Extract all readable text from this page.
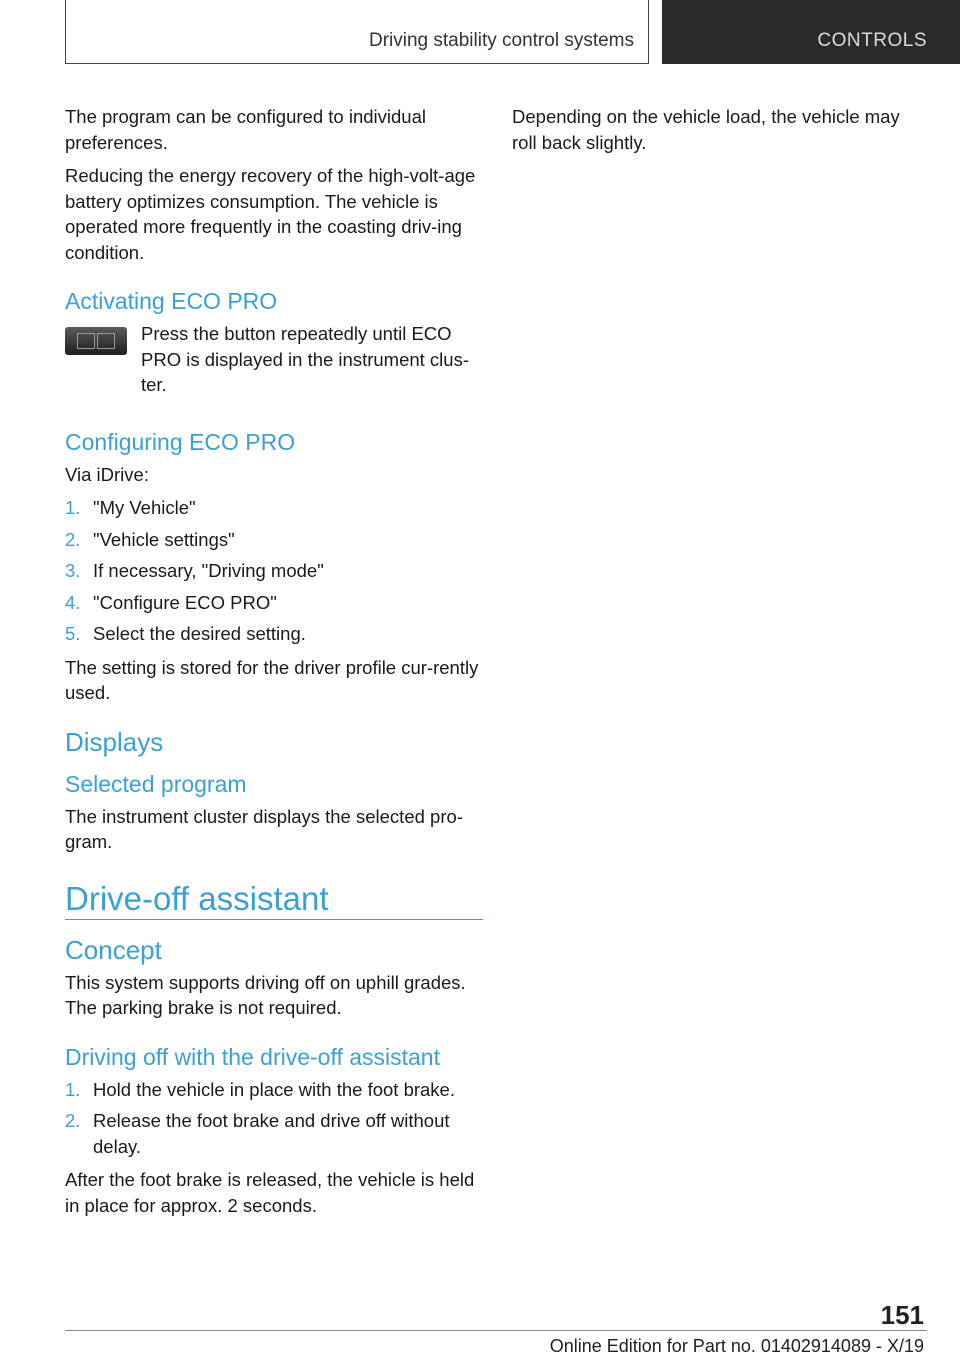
Driving stability control systems	CONTROLS

The program can be configured to individual preferences.

Reducing the energy recovery of the high-volt-age battery optimizes consumption. The vehicle is operated more frequently in the coasting driv-ing condition.

Activating ECO PRO

Press the button repeatedly until ECO PRO is displayed in the instrument clus-ter.

Configuring ECO PRO

Via iDrive:

1. "My Vehicle"
2. "Vehicle settings"
3. If necessary, "Driving mode"
4. "Configure ECO PRO"
5. Select the desired setting.

The setting is stored for the driver profile cur-rently used.

Displays
Selected program

The instrument cluster displays the selected pro-gram.

Drive-off assistant
Concept

This system supports driving off on uphill grades. The parking brake is not required.

Driving off with the drive-off assistant
1. Hold the vehicle in place with the foot brake.
2. Release the foot brake and drive off without delay.

After the foot brake is released, the vehicle is held in place for approx. 2 seconds.

Depending on the vehicle load, the vehicle may roll back slightly.

151
Online Edition for Part no. 01402914089 - X/19
